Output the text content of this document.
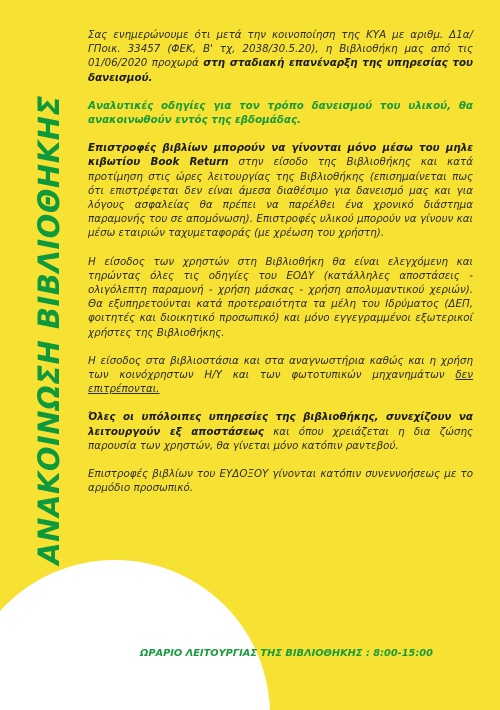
ΑΝΑΚΟΙΝΩΣΗ ΒΙΒΛΙΟΘΗΚΗΣ

Σας ενημερώνουμε ότι μετά την κοινοποίηση της ΚΥΑ με αριθμ. Δ1α/ΓΠοικ. 33457 (ΦΕΚ, Β' τχ, 2038/30.5.20), η Βιβλιοθήκη μας από τις 01/06/2020 προχωρά στη σταδιακή επανέναρξη της υπηρεσίας του δανεισμού.

Αναλυτικές οδηγίες για τον τρόπο δανεισμού του υλικού, θα ανακοινωθούν εντός της εβδομάδας.

Επιστροφές βιβλίων μπορούν να γίνονται μόνο μέσω του μηλε κιβωτίου Book Return στην είσοδο της Βιβλιοθήκης και κατά προτίμηση στις ώρες λειτουργίας της Βιβλιοθήκης (επισημαίνεται πως ότι επιστρέφεται δεν είναι άμεσα διαθέσιμο για δανεισμό μας και για λόγους ασφαλείας θα πρέπει να παρέλθει ένα χρονικό διάστημα παραμονής του σε απομόνωση). Επιστροφές υλικού μπορούν να γίνουν και μέσω εταιριών ταχυμεταφοράς (με χρέωση του χρήστη).

Η είσοδος των χρηστών στη Βιβλιοθήκη θα είναι ελεγχόμενη και τηρώντας όλες τις οδηγίες του ΕΟΔΥ (κατάλληλες αποστάσεις - ολιγόλεπτη παραμονή - χρήση μάσκας - χρήση απολυμαντικού χεριών). Θα εξυπηρετούνται κατά προτεραιότητα τα μέλη του Ιδρύματος (ΔΕΠ, φοιτητές και διοικητικό προσωπικό) και μόνο εγγεγραμμένοι εξωτερικοί χρήστες της Βιβλιοθήκης.

Η είσοδος στα βιβλιοστάσια και στα αναγνωστήρια καθώς και η χρήση των κοινόχρηστων Η/Υ και των φωτοτυπικών μηχανημάτων δεν επιτρέπονται.

Όλες οι υπόλοιπες υπηρεσίες της βιβλιοθήκης, συνεχίζουν να λειτουργούν εξ αποστάσεως και όπου χρειάζεται η δια ζώσης παρουσία των χρηστών, θα γίνεται μόνο κατόπιν ραντεβού.

Επιστροφές βιβλίων του ΕΥΔΟΞΟΥ γίνονται κατόπιν συνεννοήσεως με το αρμόδιο προσωπικό.

ΩΡΑΡΙΟ ΛΕΙΤΟΥΡΓΙΑΣ ΤΗΣ ΒΙΒΛΙΟΘΗΚΗΣ : 8:00-15:00
